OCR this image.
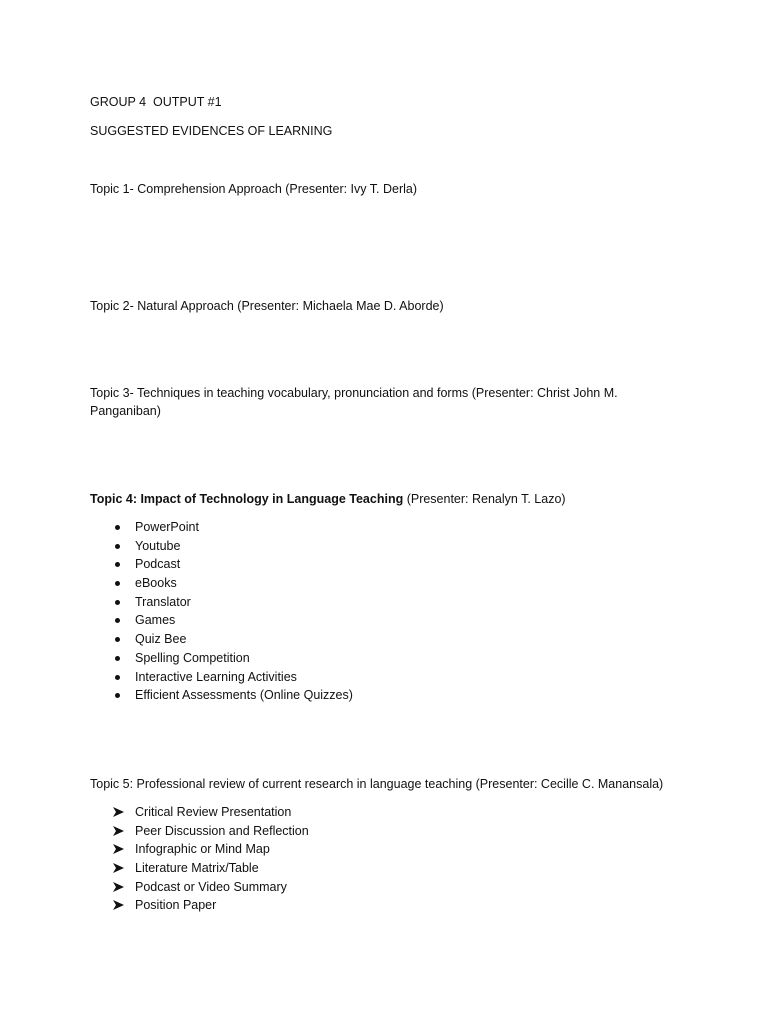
GROUP 4  OUTPUT #1
SUGGESTED EVIDENCES OF LEARNING
Topic 1- Comprehension Approach (Presenter: Ivy T. Derla)
Topic 2- Natural Approach (Presenter: Michaela Mae D. Aborde)
Topic 3- Techniques in teaching vocabulary, pronunciation and forms (Presenter: Christ John M.
Panganiban)
Topic 4: Impact of Technology in Language Teaching (Presenter: Renalyn T. Lazo)
PowerPoint
Youtube
Podcast
eBooks
Translator
Games
Quiz Bee
Spelling Competition
Interactive Learning Activities
Efficient Assessments (Online Quizzes)
Topic 5: Professional review of current research in language teaching (Presenter: Cecille C. Manansala)
Critical Review Presentation
Peer Discussion and Reflection
Infographic or Mind Map
Literature Matrix/Table
Podcast or Video Summary
Position Paper
